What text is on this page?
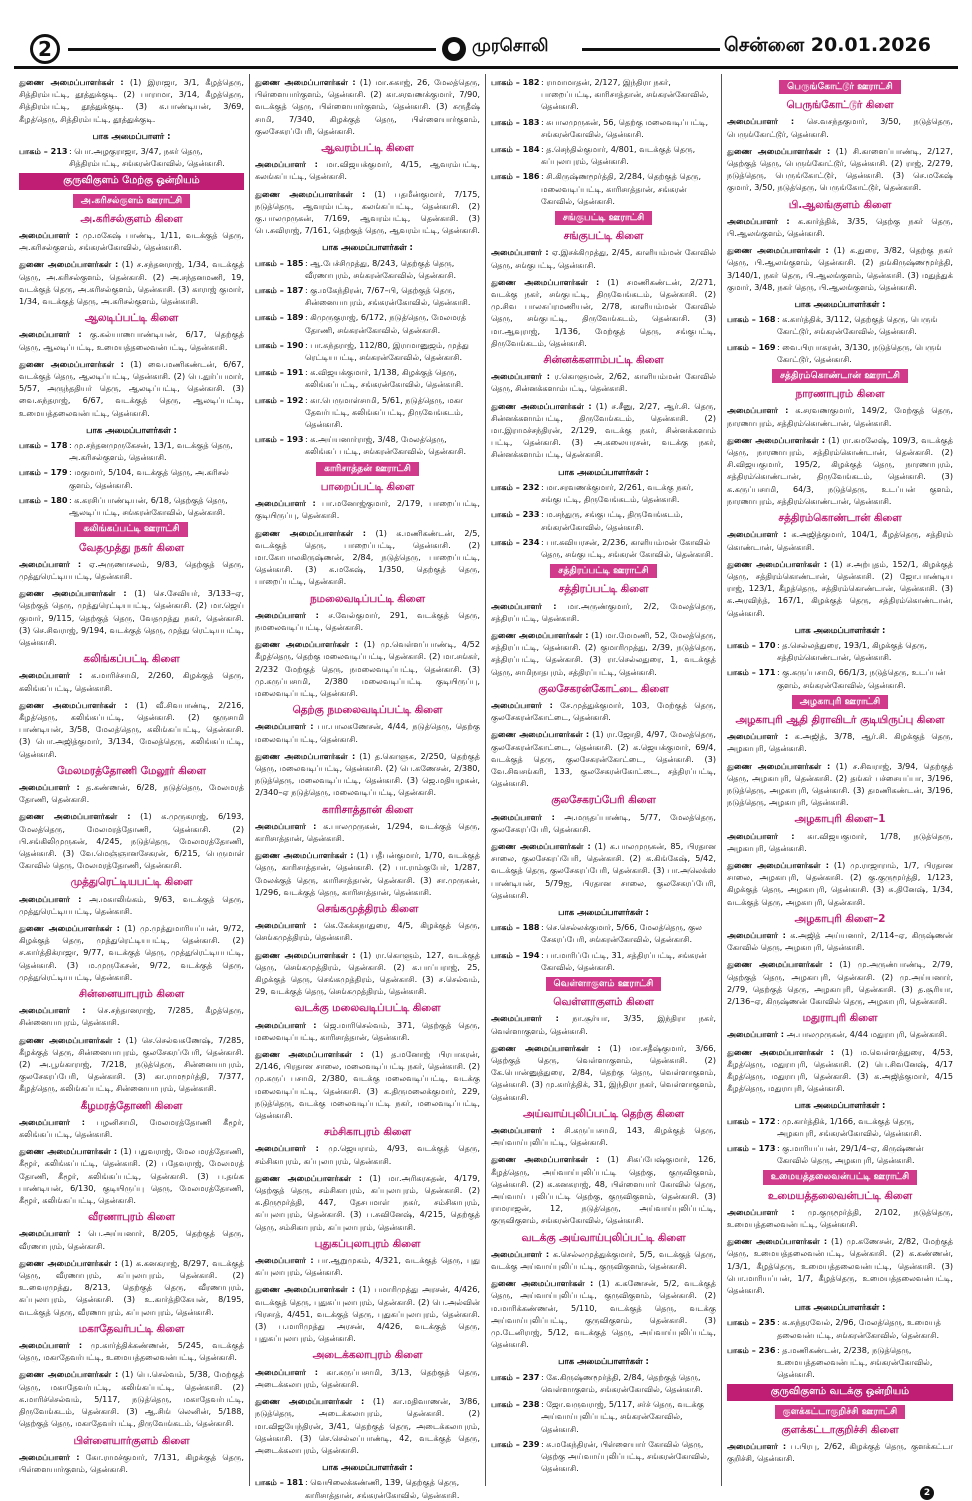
2	முரசொலி	சென்னை 20.01.2026

துணை அமைப்பாளர்கள் : (1) இராஜா, 3/1, கீழத்தெரு, சித்திரம்பட்டி, தூத்துக்குடி. (2) பாராமா, 3/14, கீழத்தெரு, சித்திரம்பட்டி, தூத்துக்குடி. (3) க.பாண்டியன், 3/69, கீழத்தெரு, சித்திரம்பட்டி, தூத்துக்குடி.

பாக அமைப்பாளர் :
பாகம் – 213 : பொ.அழகுராஜா, 3/47, நகர் தெரு, சித்திரம்பட்டி, சங்கரன்கோவில், தென்காசி.
குருவிகுளம் மேற்கு ஒன்றியம்
அ.கரிசல்குளம் ஊராட்சி
அ.கரிசல்குளம் கிளை

அமைப்பாளர் : மு.மகேஷ் பாண்டி, 1/11, வடக்குத் தெரு, அ.கரிசல்குளம், சங்கரன்கோவில், தென்காசி.

துணை அமைப்பாளர்கள் : (1) ச.சந்தனராஜ், 1/34, வடக்குத் தெரு, அ.கரிசல்குளம், தென்காசி. (2) அ.சந்தனமணி, 19, வடக்குத் தெரு, அ.கரிசல்குளம், தென்காசி. (3) காராஜ் குமார், 1/34, வடக்குத் தெரு, அ.கரிசல்குளம், தென்காசி.

ஆலடிப்பட்டி கிளை

அமைப்பாளர் : கு.கல்யாணபாண்டியன், 6/17, தெற்குத் தெரு, ஆலடிப்பட்டி, உமையத்தலைவன்பட்டி, தென்காசி.

துணை அமைப்பாளர்கள் : (1) வை.மணிகண்டன், 6/67, வடக்குத் தெரு, ஆலடிப்பட்டி, தென்காசி. (2) பெ.துர்ப்பமார், 5/57, அருந்ததியர் தெரு, ஆலடிப்பட்டி, தென்காசி. (3) வை.சுந்தராஜ், 6/67, வடக்குத் தெரு, ஆலடிப்பட்டி, உமையத்தலைவன்பட்டி, தென்காசி.

பாக அமைப்பாளர்கள் :
பாகம் – 178 : மு.சந்தனமுருகேசன், 13/1, வடக்குத் தெரு, அ.கரிசல்குளம், தென்காசி.
பாகம் – 179 : மகுமார், 5/104, வடக்குத் தெரு, அ.கரிசல் குளம், தென்காசி.
பாகம் – 180 : க.கரசிப்பாண்டியன், 6/18, தெற்குத் தெரு, ஆலடிப்பட்டி, சங்கரன்கோவில், தென்காசி.
கலிங்கப்பட்டி ஊராட்சி
வேதமுத்து நகர் கிளை

அமைப்பாளர் : ஏ.அருணாசலம், 9/83, தெற்குத் தெரு, முத்துரெட்டியபட்டி, தென்காசி.

துணை அமைப்பாளர்கள் : (1) செ.சேவியர், 3/133–ஏ, தெற்குத் தெரு, முத்துரெட்டியபட்டி, தென்காசி. (2) மா.ஜெய் குமார், 9/115, தெற்குத் தெரு, வேதமுத்து நகர், தென்காசி. (3) செ.சிவராஜ், 9/194, வடக்குத் தெரு, முத்து ரெட்டியபட்டி, தென்காசி.

கலிங்கப்பட்டி கிளை

அமைப்பாளர் : க.மாரிச்சாமி, 2/260, கிழக்குத் தெரு, கலிங்கப்பட்டி, தென்காசி.

துணை அமைப்பாளர்கள் : (1) வீ.சிவபாண்டி, 2/216, கீழத்தெரு, கலிங்கப்பட்டி, தென்காசி. (2) குருசாமி பாண்டியன், 3/58, மேலத்தெரு, கலிங்கப்பட்டி, தென்காசி. (3) பொ.அஜித்குமார், 3/134, மேலத்தெரு, கலிங்கப்பட்டி, தென்காசி.

மேலமரத்தோணி மேலூர் கிளை

அமைப்பாளர் : த.கண்ணன், 6/28, நடுத்தெரு, மேலமரத் தோணி, தென்காசி.

துணை அமைப்பாளர்கள் : (1) க.முருகராஜ், 6/193, மேலத்தெரு, மேலமரத்தோணி, தென்காசி. (2) பி.சங்கிலிமுருகன், 4/245, நடுத்தெரு, மேலமரத்தோணி, தென்காசி. (3) வே.மெஞ்ஞானசேகரன், 6/215, பெருமாள் கோவில் தெரு, மேலமரத்தோணி, தென்காசி.

முத்துரெட்டியபட்டி கிளை

அமைப்பாளர் : அ.மகாலிங்கம், 9/63, வடக்குத் தெரு, முத்துரெட்டியபட்டி, தென்காசி.

துணை அமைப்பாளர்கள் : (1) மு.முத்துமாரியப்பன், 9/72, கிழக்குத் தெரு, முத்துரெட்டியபட்டி, தென்காசி. (2) ச.கார்த்திக்ராஜா, 9/77, வடக்குத் தெரு, முத்துரெட்டியபட்டி, தென்காசி. (3) ம.முருகேசன், 9/72, வடக்குத் தெரு, முத்துரெட்டியபட்டி, தென்காசி.

சின்னையாபுரம் கிளை

அமைப்பாளர் : செ.சந்தானராஜ், 7/285, கீழத்தெரு, சின்னையாபுரம், தென்காசி.

துணை அமைப்பாளர்கள் : (1) செ.செல்வகணேஷ், 7/285, கீழக்குத் தெரு, சின்னையாபுரம், குலசேகரப்பேரி, தென்காசி. (2) அ.பூங்காராஜ், 7/218, நடுத்தெரு, சின்னையாபுரம், குலசேகரப்பேரி, தென்காசி. (3) கா.ராமமூர்த்தி, 7/377, கீழத்தெரு, கலிங்கப்பட்டி, சின்னையாபுரம், தென்காசி.

கீழமரத்தோணி கிளை

அமைப்பாளர் : பழனிசாமி, மேலமரத்தோணி கீழூர், கலிங்கப்பட்டி, தென்காசி.

துணை அமைப்பாளர்கள் : (1) பதுவராஜ், மேல மரத்தோணி, கீழூர், கலிங்கப்பட்டி, தென்காசி. (2) பதேவராஜ், மேலமரத் தோணி, கீழூர், கலிங்கப்பட்டி, தென்காசி. (3) ப.தங்க பாண்டியன், 6/130, குடியிருப்பு தெரு, மேலமரத்தோணி, கீழூர், கலிங்கப்பட்டி, தென்காசி.

வீரணாபுரம் கிளை

அமைப்பாளர் : பெ.அய்யனார், 8/205, தெற்குத் தெரு, வீரணாபுரம், தென்காசி.

துணை அமைப்பாளர்கள் : (1) க.கனகராஜ், 8/297, வடக்குத் தெரு, வீரணாபுரம், கப்புலாபுரம், தென்காசி. (2) உ.வைரமுத்து, 8/213, தெற்குத் தெரு, வீரணாபுரம், கப்புலாபுரம், தென்காசி. (3) உ.கார்த்திகேயன், 8/195, வடக்குத் தெரு, வீரணாபுரம், கப்புலாபுரம், தென்காசி.

மகாதேவர்பட்டி கிளை

அமைப்பாளர் : மு.கார்த்திக்கண்ணன், 5/245, வடக்குத் தெரு, மகாதேவர்பட்டி, உமையத்தலைவன்பட்டி, தென்காசி.

துணை அமைப்பாளர்கள் : (1) பெ.செல்வம், 5/38, மேற்குத் தெரு, மகாதேவர்பட்டி, கலிங்கப்பட்டி, தென்காசி. (2) க.மாரிச்செல்வம், 5/117, நடுத்தெரு, மகாதேவர்பட்டி, திருவேங்கடம், தென்காசி. (3) ஆ.சிங் லெனின், 5/188, தெற்குத் தெரு, மகாதேவர்பட்டி, திருவேங்கடம், தென்காசி.

பிள்ளையார்குளம் கிளை

அமைப்பாளர் : கோ.ராமச்குமார், 7/131, கிழக்குத் தெரு, பிள்ளையார்குளம், தென்காசி.

துணை அமைப்பாளர்கள் : (1) மா.சுகாஜ், 26, மேலத்தெரு, பிள்ளையார்குளம், தென்காசி. (2) கா.சரவணக்குமார், 7/90, வடக்குத் தெரு, பிள்ளையார்குளம், தென்காசி. (3) சுருதீஷ் சாமி, 7/340, கிழக்குத் தெரு, பிள்ளையார்குளம், குலசேகரப்பேரி, தென்காசி.

ஆவரம்பட்டி கிளை

அமைப்பாளர் : மா.விஜயக்குமார், 4/15, ஆவரம்பட்டி, கலங்கப்பட்டி, தென்காசி.

துணை அமைப்பாளர்கள் : (1) பதமீன்குமார், 7/175, நடுத்தெரு, ஆவரம்பட்டி, கலங்கப்பட்டி, தென்காசி. (2) கு.பாலமுருகன், 7/169, ஆவரம்பட்டி, தென்காசி. (3) பெ.சுவிராஜ், 7/161, தெற்குத் தெரு, ஆவரம்பட்டி, தென்காசி.

பாக அமைப்பாளர்கள் :
பாகம் – 185 : ஆ.பேச்சிமுத்து, 8/243, தெற்குத் தெரு, வீரணாபுரம், சங்கரன்கோவில், தென்காசி.
பாகம் – 187 : கு.மகேந்திரன், 7/67–பி, தெற்குத் தெரு, சின்னையாபுரம், சங்கரன்கோவில், தென்காசி.
பாகம் – 189 : கிமுருகுராஜ், 6/172, நடுத்தெரு, மேலமரத் தோணி, சங்கரன்கோவில், தென்காசி.
பாகம் – 190 : பா.சுந்தராஜ், 112/80, இராமானுஜம், முத்து ரெட்டியபட்டி, சங்கரன்கோவில், தென்காசி.
பாகம் – 191 : க.விஜயக்குமார், 1/138, கிழக்குத் தெரு, கலிங்கப்பட்டி, சங்கரன்கோவில், தென்காசி.
பாகம் – 192 : கா.பெருமாள்சாமி, 5/61, நடுத்தெரு, மகா தேவர்பட்டி, கலிங்கப்பட்டி, திருவேங்கடம், தென்காசி.
பாகம் – 193 : க.அய்யனார்ராஜ், 3/48, மேலத்தெரு, கலிங்கப் பட்டி, சங்கரன்கோவில், தென்காசி.
காரிசாத்தன் ஊராட்சி
பாறைப்பட்டி கிளை

அமைப்பாளர் : பா.மனோஜ்குமார், 2/179, பாறைப்பட்டி, குடியிருப்பு, தென்காசி.

துணை அமைப்பாளர்கள் : (1) க.மணிகண்டன், 2/5, வடக்குத் தெரு, பாறைப்பட்டி, தென்காசி. (2) மா.கோபாலகிருஷ்ணன், 2/84, நடுத்தெரு, பாறைப்பட்டி, தென்காசி. (3) க.மகேஷ், 1/350, தெற்குத் தெரு, பாறைப்பட்டி, தென்காசி.

நமலைவடிப்பட்டி கிளை

அமைப்பாளர் : ச.வேல்குமார், 291, வடக்குத் தெரு, நமலைவடிப்பட்டி, தென்காசி.

துணை அமைப்பாளர்கள் : (1) மு.வெள்ளப்பாண்டி, 4/52 கீழத்தெரு, தெற்கு மலைவடிப்பட்டி, தென்காசி. (2) மா.சங்கர், 2/232 மேற்குத் தெரு, நமலைவடிப்பட்டி, தென்காசி. (3) மு.கருப்பசாமி, 2/380 மலைவடிப்பட்டி குடியிருப்பு, மலைவடிப்பட்டி, தென்காசி.

தெற்கு நமலைவடிப்பட்டி கிளை

அமைப்பாளர் : பா.பாலகணேசன், 4/44, நடுத்தெரு, தெற்கு மலைவடிப்பட்டி, தென்காசி.

துணை அமைப்பாளர்கள் : (1) த.கொளுசு, 2/250, தெற்குத் தெரு, மலைவடிப்பட்டி, தென்காசி. (2) பெ.கணேசன், 2/380, நடுத்தெரு, மலைவடிப்பட்டி, தென்காசி. (3) ஜெ.மதியழகன், 2/340–ஏ நடுத்தெரு, மலைவடிப்பட்டி, தென்காசி.

காரிசாத்தான் கிளை

அமைப்பாளர் : க.பாலமுருகன், 1/294, வடக்குத் தெரு, காரிசாத்தான், தென்காசி.

துணை அமைப்பாளர்கள் : (1) பதீபன்குமார், 1/70, வடக்குத் தெரு, காரிசாத்தான், தென்காசி. (2) பா.ராம்குபேர், 1/287, மேலக்குத் தெரு, காரிசாத்தான், தென்காசி. (3) சா.முருகன், 1/296, வடக்குத் தெரு, காரிசாத்தான், தென்காசி.

செங்கமுத்திரம் கிளை

அமைப்பாளர் : கெ.கேக்கநாதுரை, 4/5, கிழக்குத் தெரு, செங்கமுத்திரம், தென்காசி.

துணை அமைப்பாளர்கள் : (1) ரா.கொளும், 127, வடக்குத் தெரு, செங்கமுத்திரம், தென்காசி. (2) க.பாப்பராஜ், 25, கிழக்குத் தெரு, செங்கமுத்திரம், தென்காசி. (3) ச.செல்வம், 29, வடக்குத் தெரு, செங்கமுத்திரம், தென்காசி.

வடக்கு மலைவடிப்பட்டி கிளை

அமைப்பாளர் : ஜெ.மாரிசெல்வம், 371, தெற்குத் தெரு, மலைவடிப்பட்டி, காரிசாத்தான், தென்காசி.

துணை அமைப்பாளர்கள் : (1) த.மனோஜ் பிரபாகரன், 2/146, பிரதான சாலை, மலைவடிப்பட்டி நகர், தென்காசி. (2) மு.கருப் பசாமி, 2/380, வடக்கு மலைவடிப்பட்டி, வடக்கு மலைவடிப்பட்டி, தென்காசி. (3) க.திருமலைக்குமார், 229, நடுத்தெரு, வடக்கு மலைவடிப்பட்டி நகர், மலைவடிப்பட்டி, தென்காசி.

சம்சிகாபுரம் கிளை

அமைப்பாளர் : மு.ஜெயராம், 4/93, வடக்குத் தெரு, சம்சிகாபுரம், கப்புலாபுரம், தென்காசி.

துணை அமைப்பாளர்கள் : (1) மா.அரிகரசுதன், 4/179, தெற்குத் தெரு, சம்சிகாபுரம், கப்புலாபுரம், தென்காசி. (2) க.திருமூர்த்தி, 447, தேசபமாள் நகர், சம்சிகாபுரம், கப்புலாபுரம், தென்காசி. (3) ப.சுவினேஷ், 4/215, தெற்குத் தெரு, சம்சிகாபுரம், கப்புலாபுரம், தென்காசி.

புதுகப்புலாபுரம் கிளை

அமைப்பாளர் : பா.ஆறுமுகம், 4/321, வடக்குத் தெரு, புது கப்புலாபுரம், தென்காசி.

துணை அமைப்பாளர்கள் : (1) பமாரிமுத்து அரசன், 4/426, வடக்குத் தெரு, புதுகப்புலாபுரம், தென்காசி. (2) பெ.அல்வின் பிரசாத், 4/451, வடக்குத் தெரு, புதுகப்புலாபுரம், தென்காசி. (3) ப.மாரிமுத்து அரசன், 4/426, வடக்குத் தெரு, புதுகப்புலாபுரம், தென்காசி.

அடைக்கலாபுரம் கிளை

அமைப்பாளர் : கா.கருப்பசாமி, 3/13, தெற்குத் தெரு, அடைக்கலாபுரம், தென்காசி.

துணை அமைப்பாளர்கள் : (1) கா.மதிவாணன், 3/86, நடுத்தெரு, அடைக்கலாபுரம், தென்காசி. (2) மா.விஜயேந்திரன், 3/41, தெற்குத் தெரு, அடைக்கலாபுரம், தென்காசி. (3) செ.செல்லப்பாண்டி, 42, வடக்குத் தெரு, அடைக்கலாபுரம், தென்காசி.

பாக அமைப்பாளர்கள் :
பாகம் – 181 : வெயிலைக்கண்ணி, 139, தெற்குத் தெரு, காரிசாத்தான், சங்கரன்கோவில், தென்காசி.
பாகம் – 182 : ராமாமாதன், 2/127, இந்திரா நகர், பாறைப்பட்டி, காரிசாத்தான், சங்கரன்கோவில், தென்காசி.
பாகம் – 183 : சுபாலமுருகன், 56, தெற்கு மலைவடிப்பட்டி, சங்கரன்கோவில், தென்காசி.
பாகம் – 184 : த.செந்தில்குமார், 4/801, வடக்குத் தெரு, கப்புலாபுரம், தென்காசி.
பாகம் – 186 : சி.கிருஷ்ணமூர்த்தி, 2/284, தெற்குத் தெரு, மலைவடிப்பட்டி, காரிசாத்தான், சங்கரன் கோவில், தென்காசி.
சங்குபட்டி ஊராட்சி
சங்குபட்டி கிளை

அமைப்பாளர் : ஏ.இசக்கிமுத்து, 2/45, காளியம்மன் கோவில் தெரு, சங்குபட்டி, தென்காசி.

துணை அமைப்பாளர்கள் : (1) சமணிகண்டன், 2/271, வடக்கு நகர், சங்குபட்டி, திருவேங்கடம், தென்காசி. (2) மு.சிவ பாலசுப்ரமணியன், 2/78, காளியம்மன் கோவில் தெரு, சங்குபட்டி, திருவேங்கடம், தென்காசி. (3) மா.ஆவுராஜ், 1/136, மேற்குத் தெரு, சங்குபட்டி, திருவேங்கடம், தென்காசி.

சின்னக்களாம்பட்டி கிளை

அமைப்பாளர் : ர.கொளுமன், 2/62, காளியம்மன் கோவில் தெரு, சின்னக்களாம்பட்டி, தென்காசி.

துணை அமைப்பாளர்கள் : (1) ச.சீனு, 2/27, ஆர்.சி. தெரு, சின்னக்களாம்பட்டி, திருவேங்கடம், தென்காசி. (2) மா.இராமச்சந்திரன், 2/129, வடக்கு நகர், சின்னக்களாம் பட்டி, தென்காசி. (3) அ.கலையரசன், வடக்கு நகர், சின்னக்களாம்பட்டி, தென்காசி.

பாக அமைப்பாளர்கள் :
பாகம் – 232 : மா.சரவணக்குமார், 2/261, வடக்கு நகர், சங்குபட்டி, திருவேங்கடம், தென்காசி.
பாகம் – 233 : ம.சந்துரு, சங்குபட்டி, திருவேங்கடம், சங்கரன்கோவில், தென்காசி.
பாகம் – 234 : பா.கவியரசன், 2/236, காளியம்மன் கோவில் தெரு, சங்குபட்டி, சங்கரன் கோவில், தென்காசி.
சத்திரப்பட்டி ஊராட்சி
சத்திரப்பட்டி கிளை

அமைப்பாளர் : மா.அருண்குமார், 2/2, மேலத்தெரு, சத்திரப்பட்டி, தென்காசி.

துணை அமைப்பாளர்கள் : (1) மா.மேமணி, 52, மேலத்தெரு, சத்திரப்பட்டி, தென்காசி. (2) குமாரிமுத்து, 2/39, நடுத்தெரு, சத்திரப்பட்டி, தென்காசி. (3) ரா.செல்லதுரை, 1, வடக்குத் தெரு, சாமிநாதபுரம், சத்திரப்பட்டி, தென்காசி.

குலசேகரன்கோட்டை கிளை

அமைப்பாளர் : சே.முத்துக்குமார், 103, மேற்குத் தெரு, குலசேகரன்கோட்டை, தென்காசி.

துணை அமைப்பாளர்கள் : (1) ரா.ஜோதி, 4/97, மேலத்தெரு, குலசேகரன்கோட்டை, தென்காசி. (2) க.ஜெயக்குமார், 69/4, வடக்குத் தெரு, குலசேகரன்கோட்டை, தென்காசி. (3) வே.சிவசங்கரி, 133, குலசேகரன்கோட்டை, சத்திரப்பட்டி, தென்காசி.

குலசேகரப்பேரி கிளை

அமைப்பாளர் : அ.மருதப்பாண்டி, 5/77, மேலத்தெரு, குலசேகரப்பேரி, தென்காசி.

துணை அமைப்பாளர்கள் : (1) க.பாலமுருகன், 85, பிரதான சாலை, குலசேகரப்பேரி, தென்காசி. (2) க.கிங்கேஷ், 5/42, வடக்குத் தெரு, குலசேகரப்பேரி, தென்காசி. (3) பா.அலெக்ஸ் பாண்டியன், 5/79ஐ, பிரதான சாலை, குலசேகரப்பேரி, தென்காசி.

பாக அமைப்பாளர்கள் :
பாகம் – 188 : செ.செல்லக்குமார், 5/66, மேலத்தெரு, குல சேகரப்பேரி, சங்கரன்கோவில், தென்காசி.
பாகம் – 194 : பா.மாரிப்பேட்டி, 31, சத்திரப்பட்டி, சங்கரன் கோவில், தென்காசி.
வெள்ளாகுளம் ஊராட்சி
வெள்ளாகுளம் கிளை

அமைப்பாளர் : நா.சூர்யா, 3/35, இந்திரா நகர், வெள்ளாகுளம், தென்காசி.

துணை அமைப்பாளர்கள் : (1) மா.சதீஷ்குமார், 3/66, தெற்குத் தெரு, வெள்ளாகுளம், தென்காசி. (2) கே.பொன்னுத்துரை, 2/84, தெற்கு தெரு, வெள்ளாகுளம், தென்காசி. (3) மு.கார்த்திக், 31, இந்திரா நகர், வெள்ளாகுளம், தென்காசி.

அய்வாய்புலிப்பட்டி தெற்கு கிளை

அமைப்பாளர் : சி.கருப்பசாமி, 143, கிழக்குத் தெரு, அய்வாய்புலிப்பட்டி, தென்காசி.

துணை அமைப்பாளர்கள் : (1) சிகப்பேஷ்குமார், 126, கீழத்தெரு, அய்வாய்புலிப்பட்டி தெற்கு, குருவிகுளம், தென்காசி. (2) க.கனகராஜ், 48, பிள்ளையார் கோவில் தெரு, அய்வாய் புலிப்பட்டி தெற்கு, குருவிகுளம், தென்காசி. (3) ராமராஜன், 12, நடுத்தெரு, அய்வாய்புலிப்பட்டி, குருவிகுளம், சங்கரன்கோவில், தென்காசி.

வடக்கு அய்வாய்புலிப்பட்டி கிளை

அமைப்பாளர் : க.செல்லமுத்துக்குமார், 5/5, வடக்குத் தெரு, வடக்கு அய்வாய்புலிப்பட்டி, குருவிகுளம், தென்காசி.

துணை அமைப்பாளர்கள் : (1) க.கணேசன், 5/2, வடக்குத் தெரு, அய்வாய்புலிப்பட்டி, குருவிகுளம், தென்காசி. (2) ம.மாரிக்கண்ணன், 5/110, வடக்குத் தெரு, வடக்கு அய்வாய்புலிப்பட்டி, குருவிகுளம், தென்காசி. (3) மு.டேனிராஜ், 5/12, வடக்குத் தெரு, அய்வாய்புலிப்பட்டி, தென்காசி.

பாக அமைப்பாளர்கள் :
பாகம் – 237 : கே.கிருஷ்ணமூர்த்தி, 2/84, தெற்குத் தெரு, வெள்ளாகுளம், சங்கரன்கோவில், தென்காசி.
பாகம் – 238 : ஜோ.வருவராஜ், 5/117, சர்ச் தெரு, வடக்கு அய்வாய்புலிப்பட்டி, சங்கரன்கோவில், தென்காசி.
பாகம் – 239 : சு.மகேந்திரன், பிள்ளையார் கோவில் தெரு, தெற்கு அய்வாய்புலிப்பட்டி, சங்கரன்கோவில், தென்காசி.
பெருங்கோட்டூர் ஊராட்சி
பெருங்கோட்டூர் கிளை

அமைப்பாளர் : செ.வசந்தகுமார், 3/50, நடுத்தெரு, பெருங்கோட்டூர், தென்காசி.

துணை அமைப்பாளர்கள் : (1) சி.காளைப்பாண்டி, 2/127, தெற்குத் தெரு, பெருங்கோட்டூர், தென்காசி. (2) ராஜ், 2/279, நடுத்தெரு, பெருங்கோட்டூர், தென்காசி. (3) செ.மகேஷ் குமார், 3/50, நடுத்தெரு, பெருங்கோட்டூர், தென்காசி.

பி.ஆலங்குளம் கிளை

அமைப்பாளர் : க.கார்த்திக், 3/35, தெற்கு நகர் தெரு, பி.ஆலங்குளம், தென்காசி.

துணை அமைப்பாளர்கள் : (1) க.துரை, 3/82, தெற்கு நகர் தெரு, பி.ஆலங்குளம், தென்காசி. (2) தங்கிருஷ்ணமூர்த்தி, 3/140/1, நகர் தெரு, பி.ஆலங்குளம், தென்காசி. (3) மதுத்துக் குமார், 3/48, நகர் தெரு, பி.ஆலங்குளம், தென்காசி.

பாக அமைப்பாளர்கள் :
பாகம் – 168 : க.கார்த்திக், 3/112, தெற்குத் தெரு, பெருங் கோட்டூர், சங்கரன்கோவில், தென்காசி.
பாகம் – 169 : வை.பிரபாகரன், 3/130, நடுத்தெரு, பெருங் கோட்டூர், தென்காசி.
சத்திரம்கொண்டான் ஊராட்சி
நாரணாபுரம் கிளை

அமைப்பாளர் : க.சரவணகுமார், 149/2, மேற்குத் தெரு, நாரணாபுரம், சத்திரம்கொண்டான், தென்காசி.

துணை அமைப்பாளர்கள் : (1) ரா.கமலேஷ், 109/3, வடக்குத் தெரு, நாரணாபுரம், சத்திரம்கொண்டான், தென்காசி. (2) சி.விஜயகுமார், 195/2, கிழக்குத் தெரு, நாரணாபுரம், சத்திரம்கொண்டான், திருவேங்கடம், தென்காசி. (3) க.கருப்பசாமி, 64/3, நடுத்தெரு, உடப்பன் குளம், நாரணாபுரம், சத்திரம்கொண்டான், தென்காசி.

சத்திரம்கொண்டான் கிளை

அமைப்பாளர் : க.அஜித்குமார், 104/1, கீழத்தெரு, சத்திரம் கொண்டான், தென்காசி.

துணை அமைப்பாளர்கள் : (1) ச.அற்புதம், 152/1, கிழக்குத் தெரு, சத்திரம்கொண்டான், தென்காசி. (2) ஜோ.பாண்டிய ராஜ், 123/1, கீழத்தெரு, சத்திரம்கொண்டான், தென்காசி. (3) க.அரவிந்த், 167/1, கிழக்குத் தெரு, சத்திரம்கொண்டான், தென்காசி.

பாக அமைப்பாளர்கள் :
பாகம் – 170 : த.செல்லத்துரை, 193/1, கிழக்குத் தெரு, சத்திரம்கொண்டான், தென்காசி.
பாகம் – 171 : கு.கருப்பசாமி, 66/1/3, நடுத்தெரு, உடப்பன் குளம், சங்கரன்கோவில், தென்காசி.
அழகாபுரி ஊராட்சி
அழகாபுரி ஆதி திராவிடர் குடியிருப்பு கிளை

அமைப்பாளர் : க.அஜித், 3/78, ஆர்.சி. கிழக்குத் தெரு, அழகாபுரி, தென்காசி.

துணை அமைப்பாளர்கள் : (1) ச.சிவராஜ், 3/94, தெற்குத் தெரு, அழகாபுரி, தென்காசி. (2) தங்கர் பச்சையப்பா, 3/196, நடுத்தெரு, அழகாபுரி, தென்காசி. (3) தமணிகண்டன், 3/196, நடுத்தெரு, அழகாபுரி, தென்காசி.

அழகாபுரி கிளை–1

அமைப்பாளர் : கா.விஜயகுமார், 1/78, நடுத்தெரு, அழகாபுரி, தென்காசி.

துணை அமைப்பாளர்கள் : (1) மு.ராஜாராம், 1/7, பிரதான சாலை, அழகாபுரி, தென்காசி. (2) கு.குருமூர்த்தி, 1/123, கிழக்குத் தெரு, அழகாபுரி, தென்காசி. (3) சு.தினேஷ், 1/34, வடக்குத் தெரு, அழகாபுரி, தென்காசி.

அழகாபுரி கிளை–2

அமைப்பாளர் : க.அஜித் அய்யனார், 2/114–ஏ, கிருஷ்ணன் கோவில் தெரு, அழகாபுரி, தென்காசி.

துணை அமைப்பாளர்கள் : (1) மு.அருண்பாண்டி, 2/79, தெற்குத் தெரு, அழகாபுரி, தென்காசி. (2) மு.அய்யனார், 2/79, தெற்குத் தெரு, அழகாபுரி, தென்காசி. (3) த.சூரியா, 2/136–ஏ, கிருஷ்ணன் கோவில் தெரு, அழகாபுரி, தென்காசி.

மதுராபுரி கிளை

அமைப்பாளர் : அ.பாலமுருகன், 4/44 மதுராபுரி, தென்காசி.

துணை அமைப்பாளர்கள் : (1) ம.வெள்ளத்துரை, 4/53, கீழத்தெரு, மதுராபுரி, தென்காசி. (2) பெ.சிவனேஷ், 4/17 கீழத்தெரு, மதுராபுரி, தென்காசி. (3) க.அஜித்குமார், 4/15 கீழத்தெரு, மதுராபுரி, தென்காசி.

பாக அமைப்பாளர்கள் :
பாகம் – 172 : மு.கார்த்திக், 1/166, வடக்குத் தெரு, அழகாபுரி, சங்கரன்கோவில், தென்காசி.
பாகம் – 173 : கு.மாரியப்பன், 29/1/4–ஏ, கிருஷ்ணன் கோவில் தெரு, அழகாபுரி, தென்காசி.
உமையத்தலைவன்பட்டி ஊராட்சி
உமையத்தலைவன்பட்டி கிளை

அமைப்பாளர் : மு.குருமூர்த்தி, 2/102, நடுத்தெரு, உமையத்தலைவன்பட்டி, தென்காசி.

துணை அமைப்பாளர்கள் : (1) மு.கணேசன், 2/82, மேற்குத் தெரு, உமையத்தலைவன்பட்டி, தென்காசி. (2) க.கண்ணன், 1/3/1, கீழத்தெரு, உமையத்தலைவன்பட்டி, தென்காசி. (3) பொ.மாரியப்பன், 1/7, கீழத்தெரு, உமையத்தலைவன்பட்டி, தென்காசி.

பாக அமைப்பாளர்கள் :
பாகம் – 235 : க.சுந்தரவேல், 2/96, மேலத்தெரு, உமையத் தலைவன்பட்டி, சங்கரன்கோவில், தென்காசி.
பாகம் – 236 : த.மணிகண்டன், 2/238, நடுத்தெரு, உமையத்தலைவன்பட்டி, சங்கரன்கோவில், தென்காசி.
குருவிகுளம் வடக்கு ஒன்றியம்
குளக்கட்டாகுறிச்சி ஊராட்சி
குளக்கட்டாகுறிச்சி கிளை

அமைப்பாளர் : ப.பிரபு, 2/62, கிழக்குத் தெரு, குளக்கட்டா குறிச்சி, தென்காசி.

2
